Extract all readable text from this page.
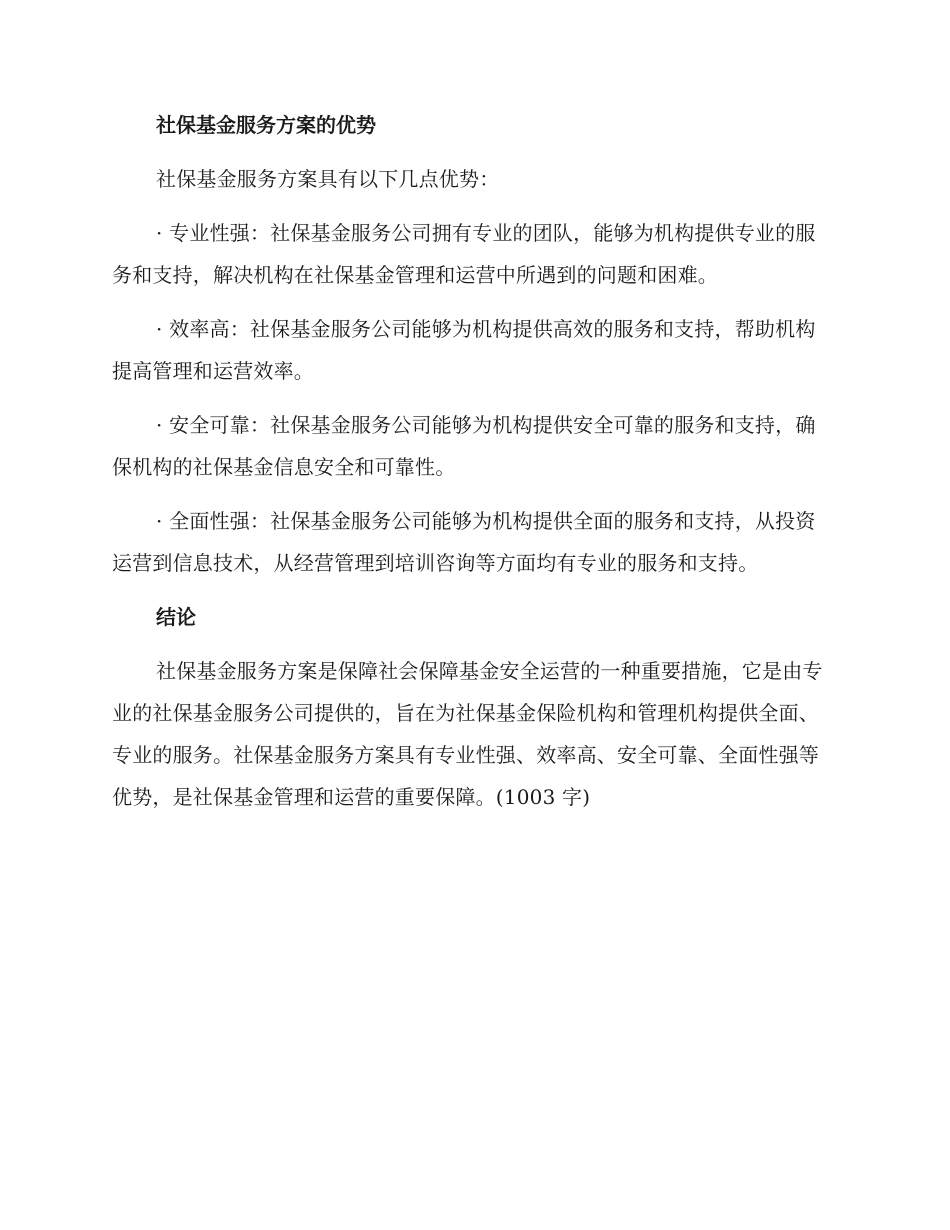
社保基金服务方案的优势

社保基金服务方案具有以下几点优势：

· 专业性强：社保基金服务公司拥有专业的团队，能够为机构提供专业的服务和支持，解决机构在社保基金管理和运营中所遇到的问题和困难。

· 效率高：社保基金服务公司能够为机构提供高效的服务和支持，帮助机构提高管理和运营效率。

· 安全可靠：社保基金服务公司能够为机构提供安全可靠的服务和支持，确保机构的社保基金信息安全和可靠性。

· 全面性强：社保基金服务公司能够为机构提供全面的服务和支持，从投资运营到信息技术，从经营管理到培训咨询等方面均有专业的服务和支持。

结论

社保基金服务方案是保障社会保障基金安全运营的一种重要措施，它是由专业的社保基金服务公司提供的，旨在为社保基金保险机构和管理机构提供全面、专业的服务。社保基金服务方案具有专业性强、效率高、安全可靠、全面性强等优势，是社保基金管理和运营的重要保障。(1003 字)
